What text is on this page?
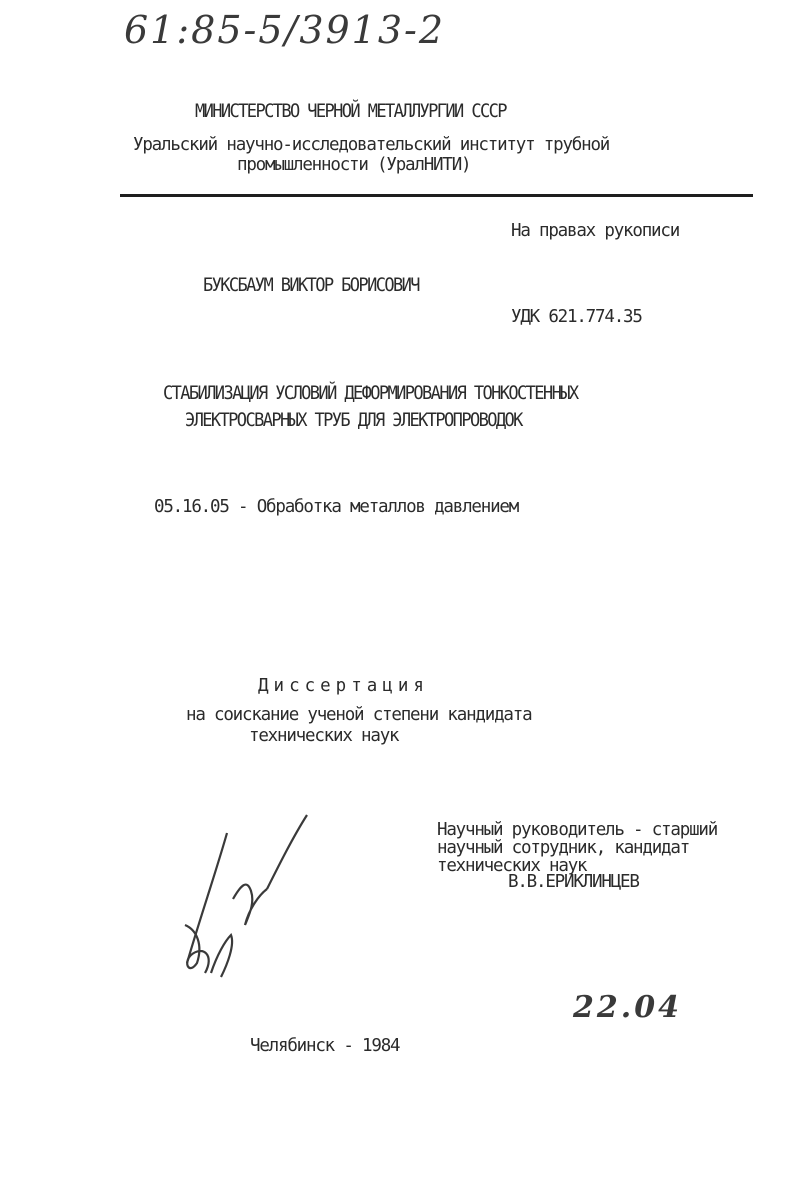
61:85-5/3913-2
МИНИСТЕРСТВО ЧЕРНОЙ МЕТАЛЛУРГИИ СССР
Уральский научно-исследовательский институт трубной
промышленности (УралНИТИ)
На правах рукописи
БУКСБАУМ ВИКТОР БОРИСОВИЧ
УДК 621.774.35
СТАБИЛИЗАЦИЯ УСЛОВИЙ ДЕФОРМИРОВАНИЯ ТОНКОСТЕННЫХ
ЭЛЕКТРОСВАРНЫХ ТРУБ ДЛЯ ЭЛЕКТРОПРОВОДОК
05.16.05 - Обработка металлов давлением
Диссертация
на соискание ученой степени кандидата
технических наук
Научный руководитель - старший
научный сотрудник, кандидат
технических наук
В.В.ЕРИКЛИНЦЕВ
22.04
Челябинск - 1984
